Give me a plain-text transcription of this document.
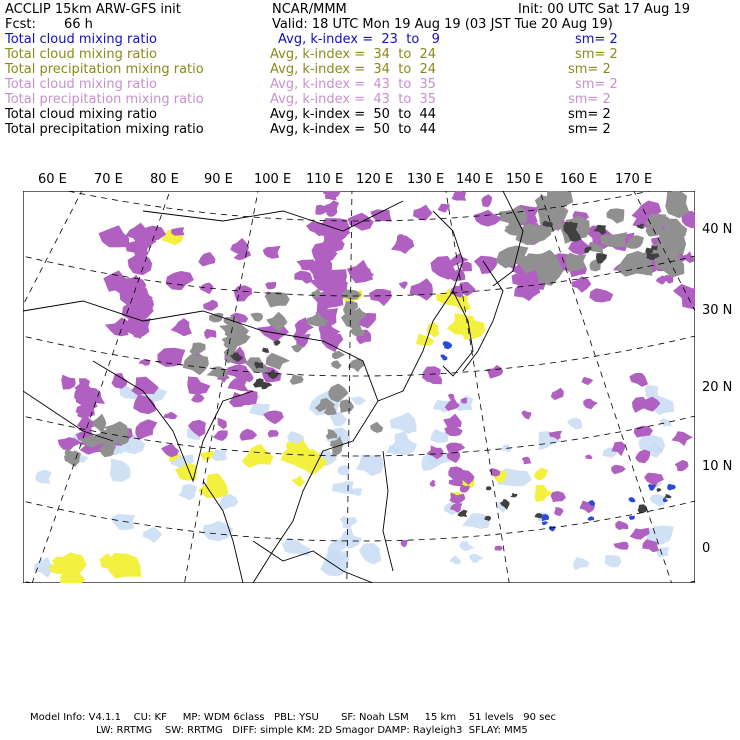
ACCLIP 15km ARW-GFS init	NCAR/MMM	Init: 00 UTC Sat 17 Aug 19
Fcst: 66 h	Valid: 18 UTC Mon 19 Aug 19 (03 JST Tue 20 Aug 19)
Total cloud mixing ratio	Avg, k-index =  23  to   9	sm= 2
Total cloud mixing ratio	Avg, k-index =  34  to  24	sm= 2
Total precipitation mixing ratio	Avg, k-index =  34  to  24	sm= 2
Total cloud mixing ratio	Avg, k-index =  43  to  35	sm= 2
Total precipitation mixing ratio	Avg, k-index =  43  to  35	sm= 2
Total cloud mixing ratio	Avg, k-index =  50  to  44	sm= 2
Total precipitation mixing ratio	Avg, k-index =  50  to  44	sm= 2
60 E 70 E 80 E 90 E 100 E 110 E 120 E 130 E 140 E 150 E 160 E 170 E
40 N
30 N
20 N
10 N
0
Model Info: V4.1.1    CU: KF     MP: WDM 6class   PBL: YSU       SF: Noah LSM     15 km    51 levels   90 sec
LW: RRTMG    SW: RRTMG   DIFF: simple KM: 2D Smagor DAMP: Rayleigh3  SFLAY: MM5
